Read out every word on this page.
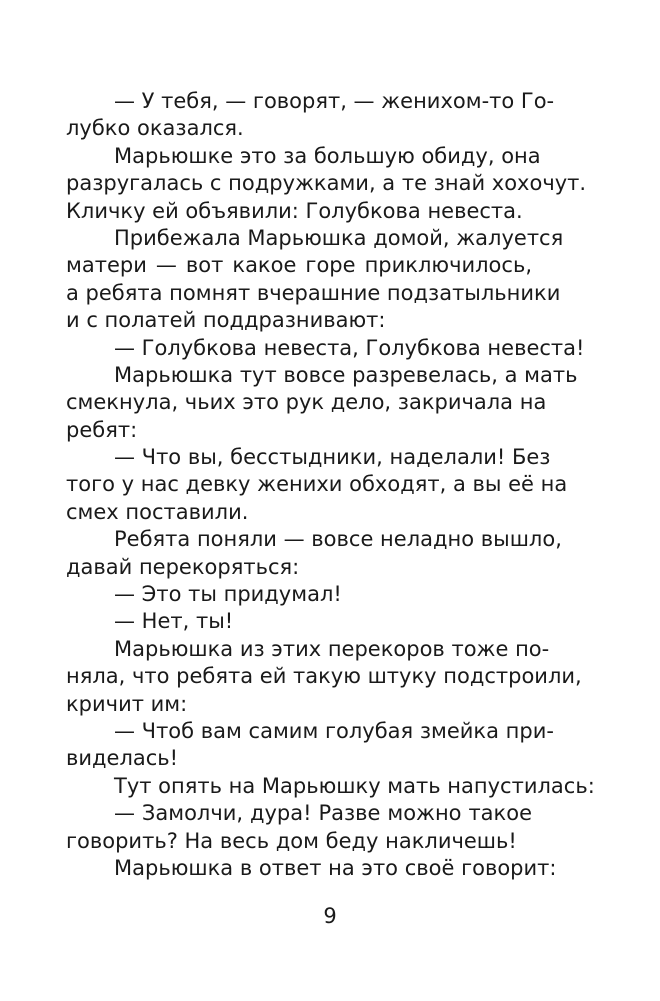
— У тебя, — говорят, — женихом-то Го-
лубко оказался.
Марьюшке это за большую обиду, она
разругалась с подружками, а те знай хохочут.
Кличку ей объявили: Голубкова невеста.
Прибежала Марьюшка домой, жалуется
матери — вот какое горе приключилось,
а ребята помнят вчерашние подзатыльники
и с полатей поддразнивают:
— Голубкова невеста, Голубкова невеста!
Марьюшка тут вовсе разревелась, а мать
смекнула, чьих это рук дело, закричала на
ребят:
— Что вы, бесстыдники, наделали! Без
того у нас девку женихи обходят, а вы её на
смех поставили.
Ребята поняли — вовсе неладно вышло,
давай перекоряться:
— Это ты придумал!
— Нет, ты!
Марьюшка из этих перекоров тоже по-
няла, что ребята ей такую штуку подстроили,
кричит им:
— Чтоб вам самим голубая змейка при-
виделась!
Тут опять на Марьюшку мать напустилась:
— Замолчи, дура! Разве можно такое
говорить? На весь дом беду накличешь!
Марьюшка в ответ на это своё говорит:
9
